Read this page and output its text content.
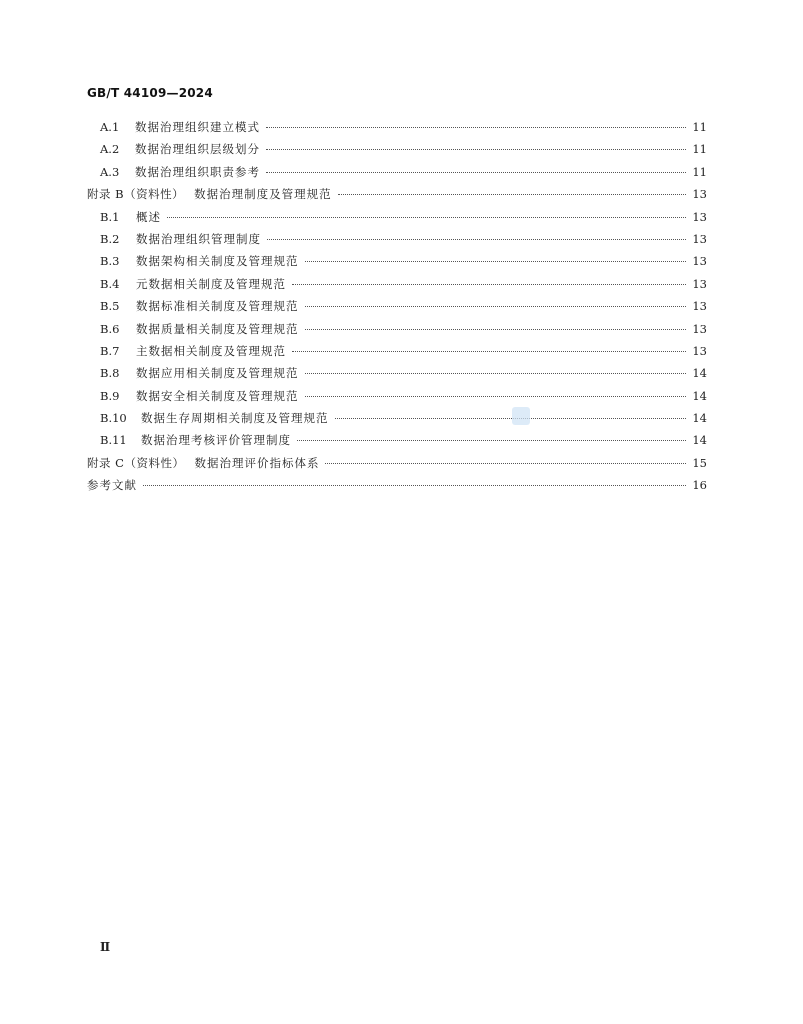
GB/T 44109—2024
A.1	数据治理组织建立模式	11
A.2	数据治理组织层级划分	11
A.3	数据治理组织职责参考	11
附录 B（资料性） 数据治理制度及管理规范	13
B.1	概述	13
B.2	数据治理组织管理制度	13
B.3	数据架构相关制度及管理规范	13
B.4	元数据相关制度及管理规范	13
B.5	数据标准相关制度及管理规范	13
B.6	数据质量相关制度及管理规范	13
B.7	主数据相关制度及管理规范	13
B.8	数据应用相关制度及管理规范	14
B.9	数据安全相关制度及管理规范	14
B.10	数据生存周期相关制度及管理规范	14
B.11	数据治理考核评价管理制度	14
附录 C（资料性） 数据治理评价指标体系	15
参考文献	16
Ⅱ
